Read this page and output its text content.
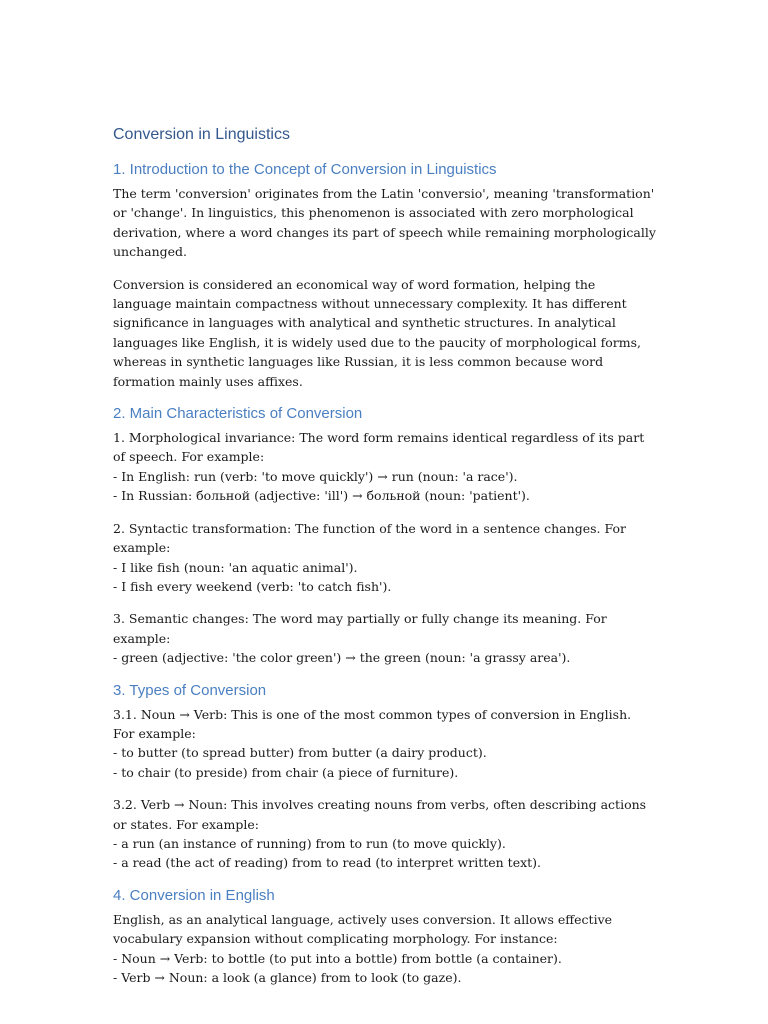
Conversion in Linguistics
1. Introduction to the Concept of Conversion in Linguistics

The term 'conversion' originates from the Latin 'conversio', meaning 'transformation' or 'change'. In linguistics, this phenomenon is associated with zero morphological derivation, where a word changes its part of speech while remaining morphologically unchanged.

Conversion is considered an economical way of word formation, helping the language maintain compactness without unnecessary complexity. It has different significance in languages with analytical and synthetic structures. In analytical languages like English, it is widely used due to the paucity of morphological forms, whereas in synthetic languages like Russian, it is less common because word formation mainly uses affixes.

2. Main Characteristics of Conversion

1. Morphological invariance: The word form remains identical regardless of its part of speech. For example:
- In English: run (verb: 'to move quickly') → run (noun: 'a race').
- In Russian: больной (adjective: 'ill') → больной (noun: 'patient').

2. Syntactic transformation: The function of the word in a sentence changes. For example:
- I like fish (noun: 'an aquatic animal').
- I fish every weekend (verb: 'to catch fish').

3. Semantic changes: The word may partially or fully change its meaning. For example:
- green (adjective: 'the color green') → the green (noun: 'a grassy area').

3. Types of Conversion

3.1. Noun → Verb: This is one of the most common types of conversion in English. For example:
- to butter (to spread butter) from butter (a dairy product).
- to chair (to preside) from chair (a piece of furniture).

3.2. Verb → Noun: This involves creating nouns from verbs, often describing actions or states. For example:
- a run (an instance of running) from to run (to move quickly).
- a read (the act of reading) from to read (to interpret written text).

4. Conversion in English

English, as an analytical language, actively uses conversion. It allows effective vocabulary expansion without complicating morphology. For instance:
- Noun → Verb: to bottle (to put into a bottle) from bottle (a container).
- Verb → Noun: a look (a glance) from to look (to gaze).
